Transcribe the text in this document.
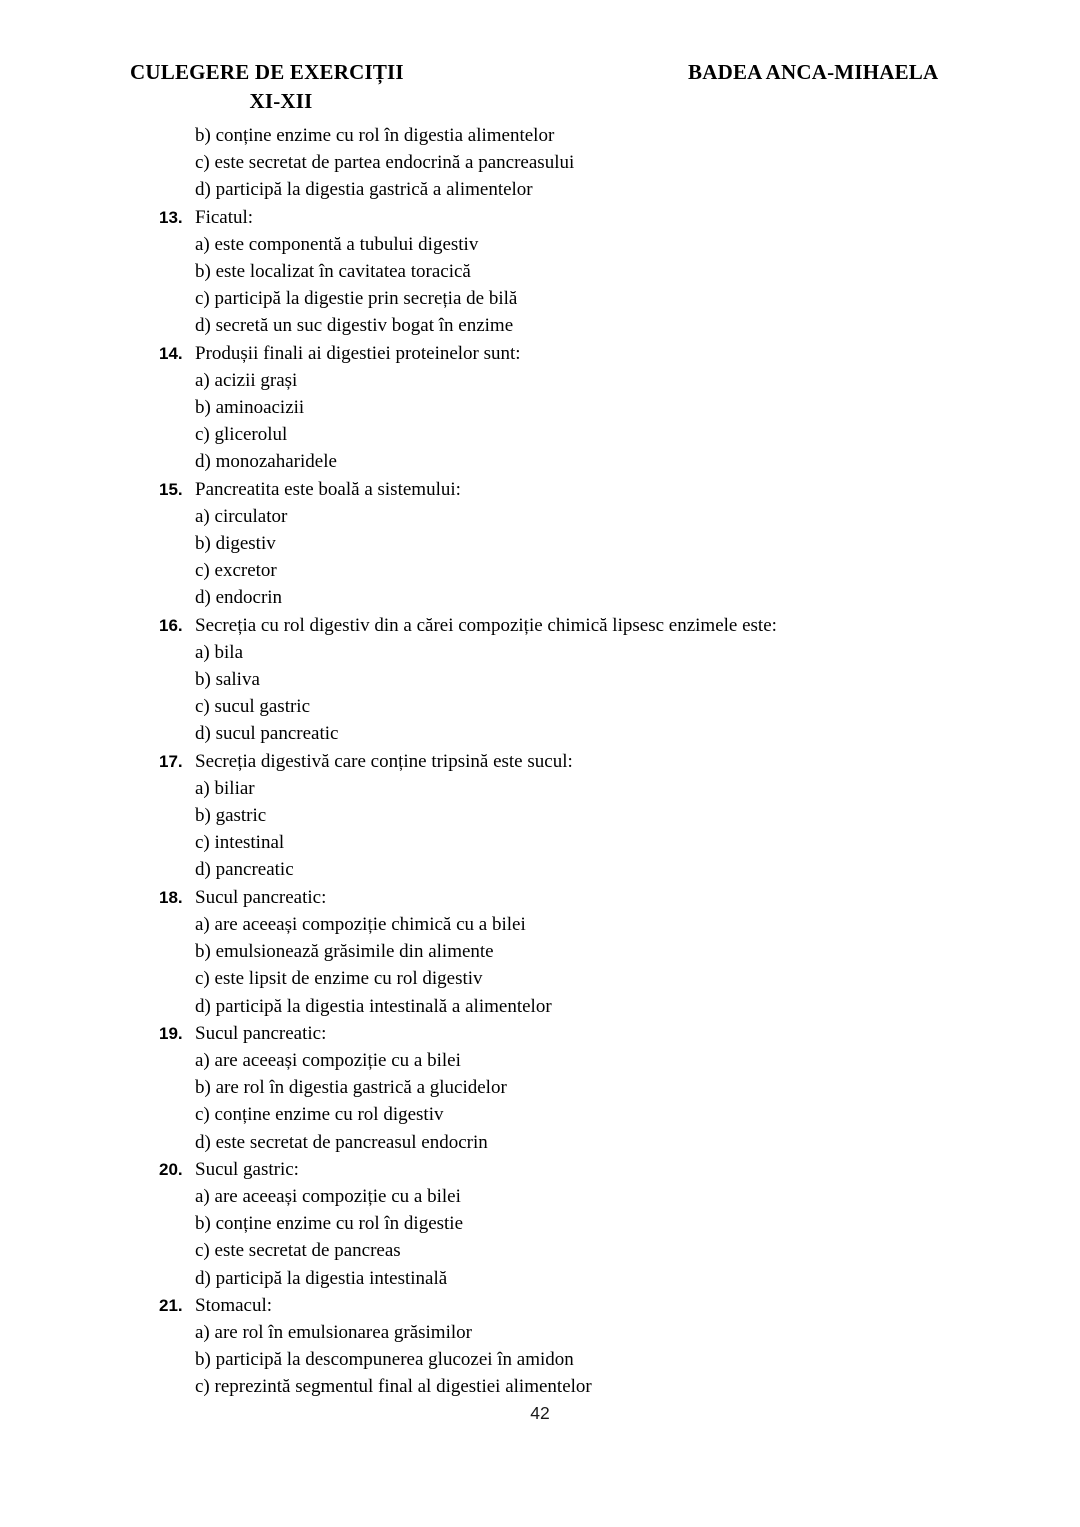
CULEGERE DE EXERCIȚII
XI-XII
BADEA ANCA-MIHAELA
b) conține enzime cu rol în digestia alimentelor
c) este secretat de partea endocrină a pancreasului
d) participă la digestia gastrică a alimentelor
13. Ficatul:
a) este componentă a tubului digestiv
b) este localizat în cavitatea toracică
c) participă la digestie prin secreția de bilă
d) secretă un suc digestiv bogat în enzime
14. Produșii finali ai digestiei proteinelor sunt:
a) acizii grași
b) aminoacizii
c) glicerolul
d) monozaharidele
15. Pancreatita este boală a sistemului:
a) circulator
b) digestiv
c) excretor
d) endocrin
16. Secreția cu rol digestiv din a cărei compoziție chimică lipsesc enzimele este:
a) bila
b) saliva
c) sucul gastric
d) sucul pancreatic
17. Secreția digestivă care conține tripsină este sucul:
a) biliar
b) gastric
c) intestinal
d) pancreatic
18. Sucul pancreatic:
a) are aceeași compoziție chimică cu a bilei
b) emulsionează grăsimile din alimente
c) este lipsit de enzime cu rol digestiv
d) participă la digestia intestinală a alimentelor
19. Sucul pancreatic:
a) are aceeași compoziție cu a bilei
b) are rol în digestia gastrică a glucidelor
c) conține enzime cu rol digestiv
d) este secretat de pancreasul endocrin
20. Sucul gastric:
a) are aceeași compoziție cu a bilei
b) conține enzime cu rol în digestie
c) este secretat de pancreas
d) participă la digestia intestinală
21. Stomacul:
a) are rol în emulsionarea grăsimilor
b) participă la descompunerea glucozei în amidon
c) reprezintă segmentul final al digestiei alimentelor
42
